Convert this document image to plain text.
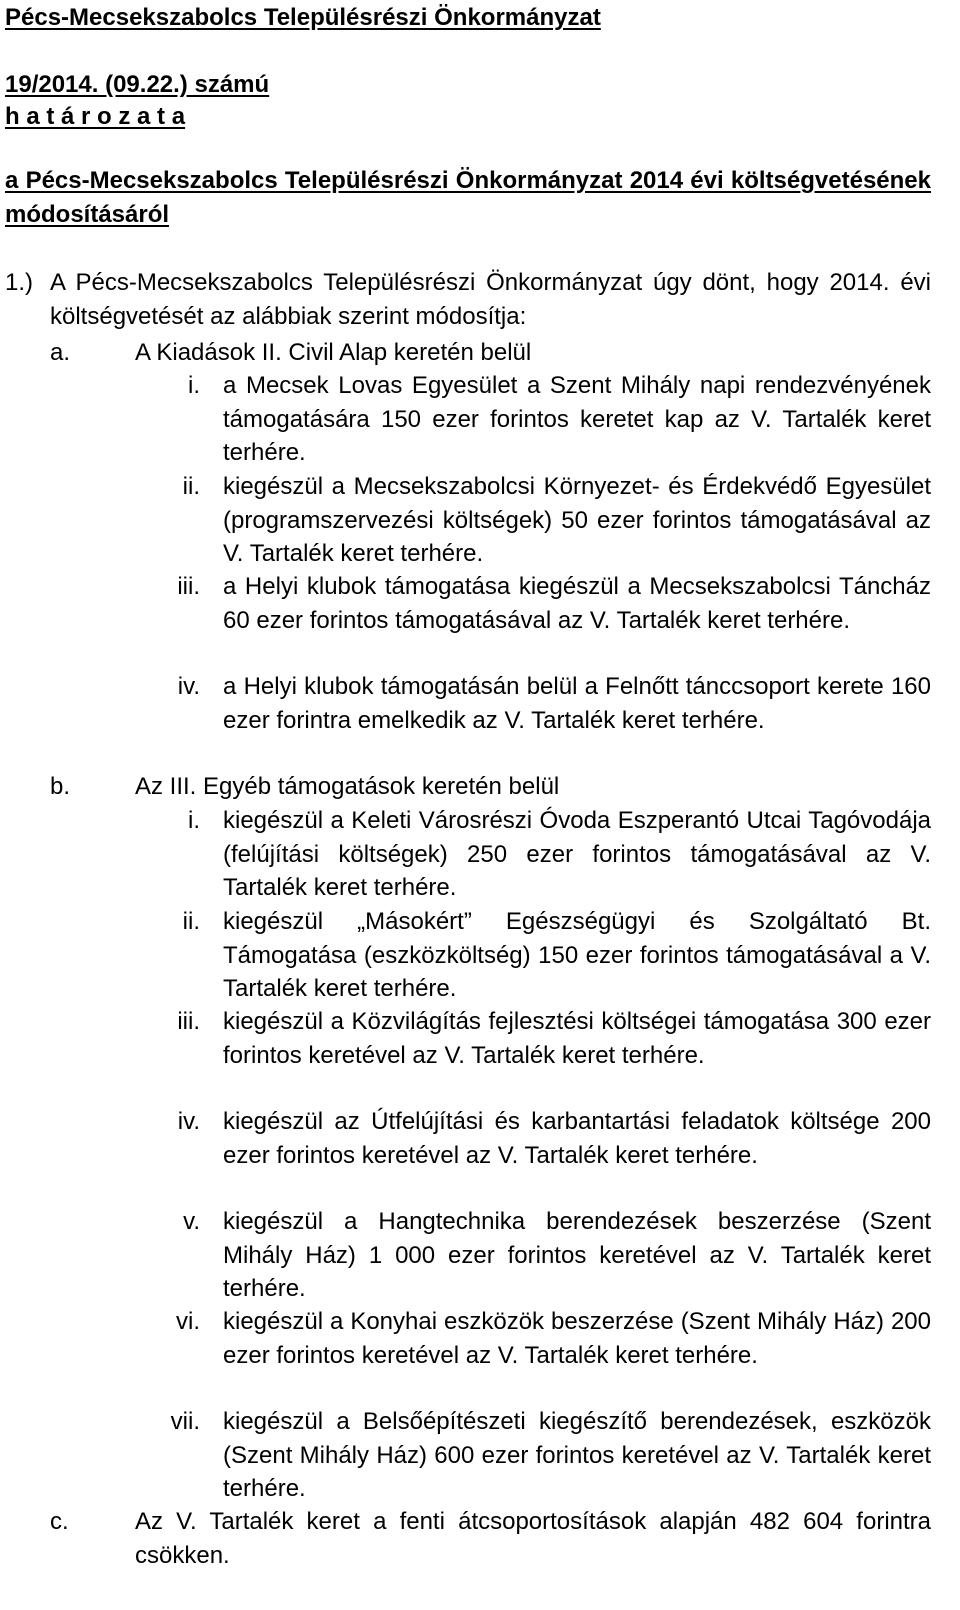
Pécs-Mecsekszabolcs Településrészi Önkormányzat

19/2014. (09.22.) számú

h a t á r o z a t a

a Pécs-Mecsekszabolcs Településrészi Önkormányzat 2014 évi költségvetésének módosításáról

1.) A Pécs-Mecsekszabolcs Településrészi Önkormányzat úgy dönt, hogy 2014. évi költségvetését az alábbiak szerint módosítja:
a.	A Kiadások II. Civil Alap keretén belül
i. a Mecsek Lovas Egyesület a Szent Mihály napi rendezvényének támogatására 150 ezer forintos keretet kap az V. Tartalék keret terhére.
ii. kiegészül a Mecsekszabolcsi Környezet- és Érdekvédő Egyesület (programszervezési költségek) 50 ezer forintos támogatásával az V. Tartalék keret terhére.
iii. a Helyi klubok támogatása kiegészül a Mecsekszabolcsi Táncház 60 ezer forintos támogatásával az V. Tartalék keret terhére.
iv. a Helyi klubok támogatásán belül a Felnőtt tánccsoport kerete 160 ezer forintra emelkedik az V. Tartalék keret terhére.
b.	Az III. Egyéb támogatások keretén belül
i. kiegészül a Keleti Városrészi Óvoda Eszperantó Utcai Tagóvodája (felújítási költségek) 250 ezer forintos támogatásával az V. Tartalék keret terhére.
ii. kiegészül „Másokért” Egészségügyi és Szolgáltató Bt. Támogatása (eszközköltség) 150 ezer forintos támogatásával a V. Tartalék keret terhére.
iii. kiegészül a Közvilágítás fejlesztési költségei támogatása 300 ezer forintos keretével az V. Tartalék keret terhére.
iv. kiegészül az Útfelújítási és karbantartási feladatok költsége 200 ezer forintos keretével az V. Tartalék keret terhére.
v. kiegészül a Hangtechnika berendezések beszerzése (Szent Mihály Ház) 1 000 ezer forintos keretével az V. Tartalék keret terhére.
vi. kiegészül a Konyhai eszközök beszerzése (Szent Mihály Ház) 200 ezer forintos keretével az V. Tartalék keret terhére.
vii. kiegészül a Belsőépítészeti kiegészítő berendezések, eszközök (Szent Mihály Ház) 600 ezer forintos keretével az V. Tartalék keret terhére.
c.	Az V. Tartalék keret a fenti átcsoportosítások alapján 482 604 forintra csökken.
